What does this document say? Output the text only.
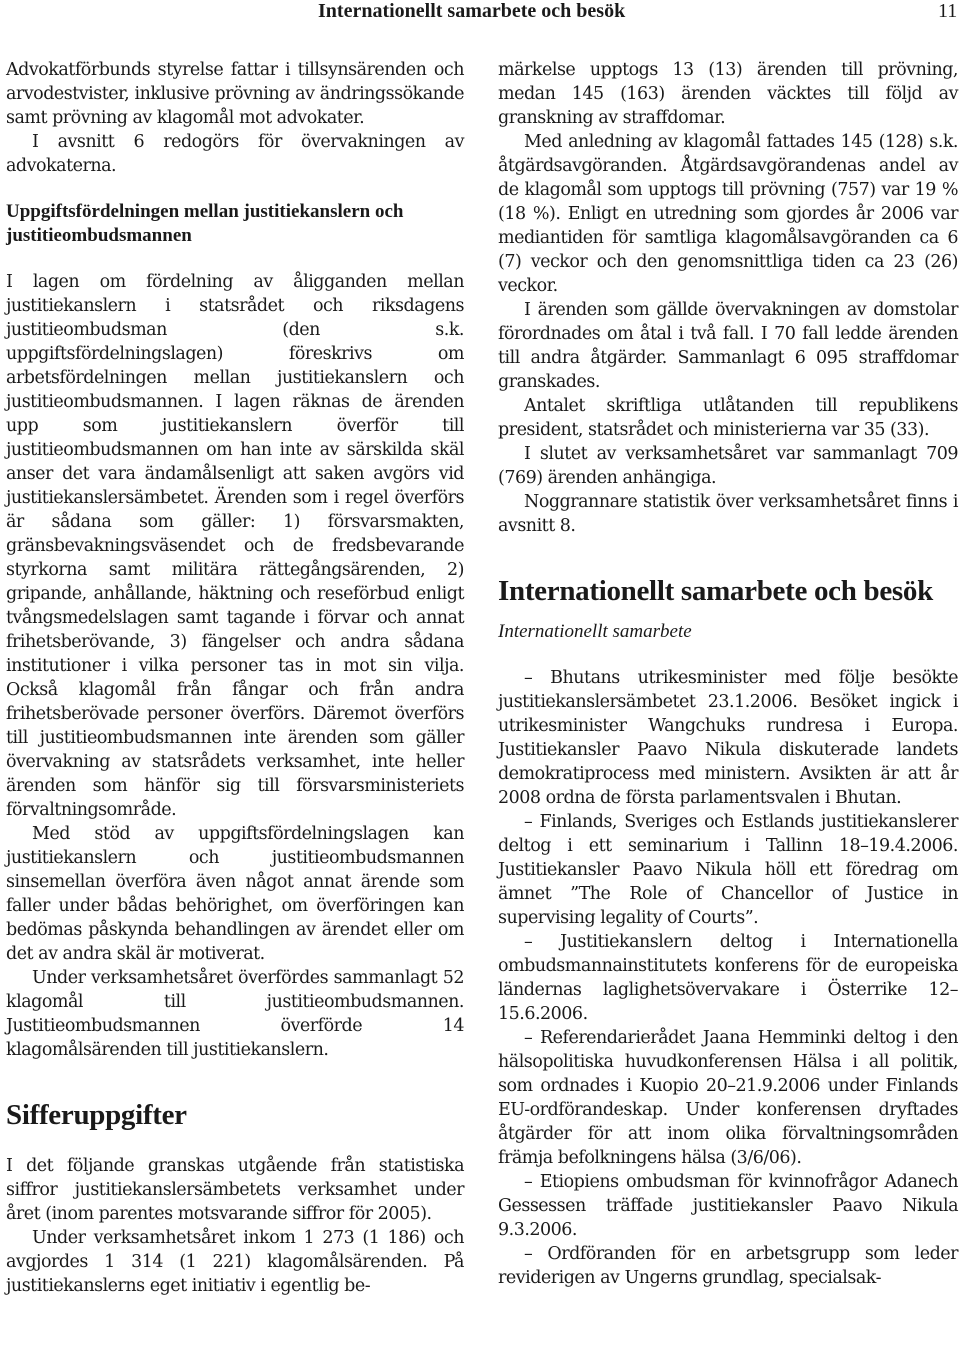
Internationellt samarbete och besök	11

Advokatförbunds styrelse fattar i tillsynsärenden och arvodestvister, inklusive prövning av ändringssökande samt prövning av klagomål mot advokater.

I avsnitt 6 redogörs för övervakningen av advokaterna.

Uppgiftsfördelningen mellan justitiekanslern och justitieombudsmannen

I lagen om fördelning av åligganden mellan justitiekanslern i statsrådet och riksdagens justitieombudsman (den s.k. uppgiftsfördelningslagen) föreskrivs om arbetsfördelningen mellan justitiekanslern och justitieombudsmannen. I lagen räknas de ärenden upp som justitiekanslern överför till justitieombudsmannen om han inte av särskilda skäl anser det vara ändamålsenligt att saken avgörs vid justitiekanslersämbetet. Ärenden som i regel överförs är sådana som gäller: 1) försvarsmakten, gränsbevakningsväsendet och de fredsbevarande styrkorna samt militära rättegångsärenden, 2) gripande, anhållande, häktning och reseförbud enligt tvångsmedelslagen samt tagande i förvar och annat frihetsberövande, 3) fängelser och andra sådana institutioner i vilka personer tas in mot sin vilja. Också klagomål från fångar och från andra frihetsberövade personer överförs. Däremot överförs till justitieombudsmannen inte ärenden som gäller övervakning av statsrådets verksamhet, inte heller ärenden som hänför sig till försvarsministeriets förvaltningsområde.

Med stöd av uppgiftsfördelningslagen kan justitiekanslern och justitieombudsmannen sinsemellan överföra även något annat ärende som faller under bådas behörighet, om överföringen kan bedömas påskynda behandlingen av ärendet eller om det av andra skäl är motiverat.

Under verksamhetsåret överfördes sammanlagt 52 klagomål till justitieombudsmannen. Justitieombudsmannen överförde 14 klagomålsärenden till justitiekanslern.

Sifferuppgifter

I det följande granskas utgående från statistiska siffror justitiekanslersämbetets verksamhet under året (inom parentes motsvarande siffror för 2005).

Under verksamhetsåret inkom 1 273 (1 186) och avgjordes 1 314 (1 221) klagomålsärenden. På justitiekanslerns eget initiativ i egentlig be-

märkelse upptogs 13 (13) ärenden till prövning, medan 145 (163) ärenden väcktes till följd av granskning av straffdomar.

Med anledning av klagomål fattades 145 (128) s.k. åtgärdsavgöranden. Åtgärdsavgörandenas andel av de klagomål som upptogs till prövning (757) var 19 % (18 %). Enligt en utredning som gjordes år 2006 var mediantiden för samtliga klagomålsavgöranden ca 6 (7) veckor och den genomsnittliga tiden ca 23 (26) veckor.

I ärenden som gällde övervakningen av domstolar förordnades om åtal i två fall. I 70 fall ledde ärenden till andra åtgärder. Sammanlagt 6 095 straffdomar granskades.

Antalet skriftliga utlåtanden till republikens president, statsrådet och ministerierna var 35 (33).

I slutet av verksamhetsåret var sammanlagt 709 (769) ärenden anhängiga.

Noggrannare statistik över verksamhetsåret finns i avsnitt 8.

Internationellt samarbete och besök

Internationellt samarbete

– Bhutans utrikesminister med följe besökte justitiekanslersämbetet 23.1.2006. Besöket ingick i utrikesminister Wangchuks rundresa i Europa. Justitiekansler Paavo Nikula diskuterade landets demokratiprocess med ministern. Avsikten är att år 2008 ordna de första parlamentsvalen i Bhutan.

– Finlands, Sveriges och Estlands justitiekanslerer deltog i ett seminarium i Tallinn 18–19.4.2006. Justitiekansler Paavo Nikula höll ett föredrag om ämnet ”The Role of Chancellor of Justice in supervising legality of Courts”.

– Justitiekanslern deltog i Internationella ombudsmannainstitutets konferens för de europeiska ländernas laglighetsövervakare i Österrike 12–15.6.2006.

– Referendarierådet Jaana Hemminki deltog i den hälsopolitiska huvudkonferensen Hälsa i all politik, som ordnades i Kuopio 20–21.9.2006 under Finlands EU-ordförandeskap. Under konferensen dryftades åtgärder för att inom olika förvaltningsområden främja befolkningens hälsa (3/6/06).

– Etiopiens ombudsman för kvinnofrågor Adanech Gessessen träffade justitiekansler Paavo Nikula 9.3.2006.

– Ordföranden för en arbetsgrupp som leder reviderigen av Ungerns grundlag, specialsak-
